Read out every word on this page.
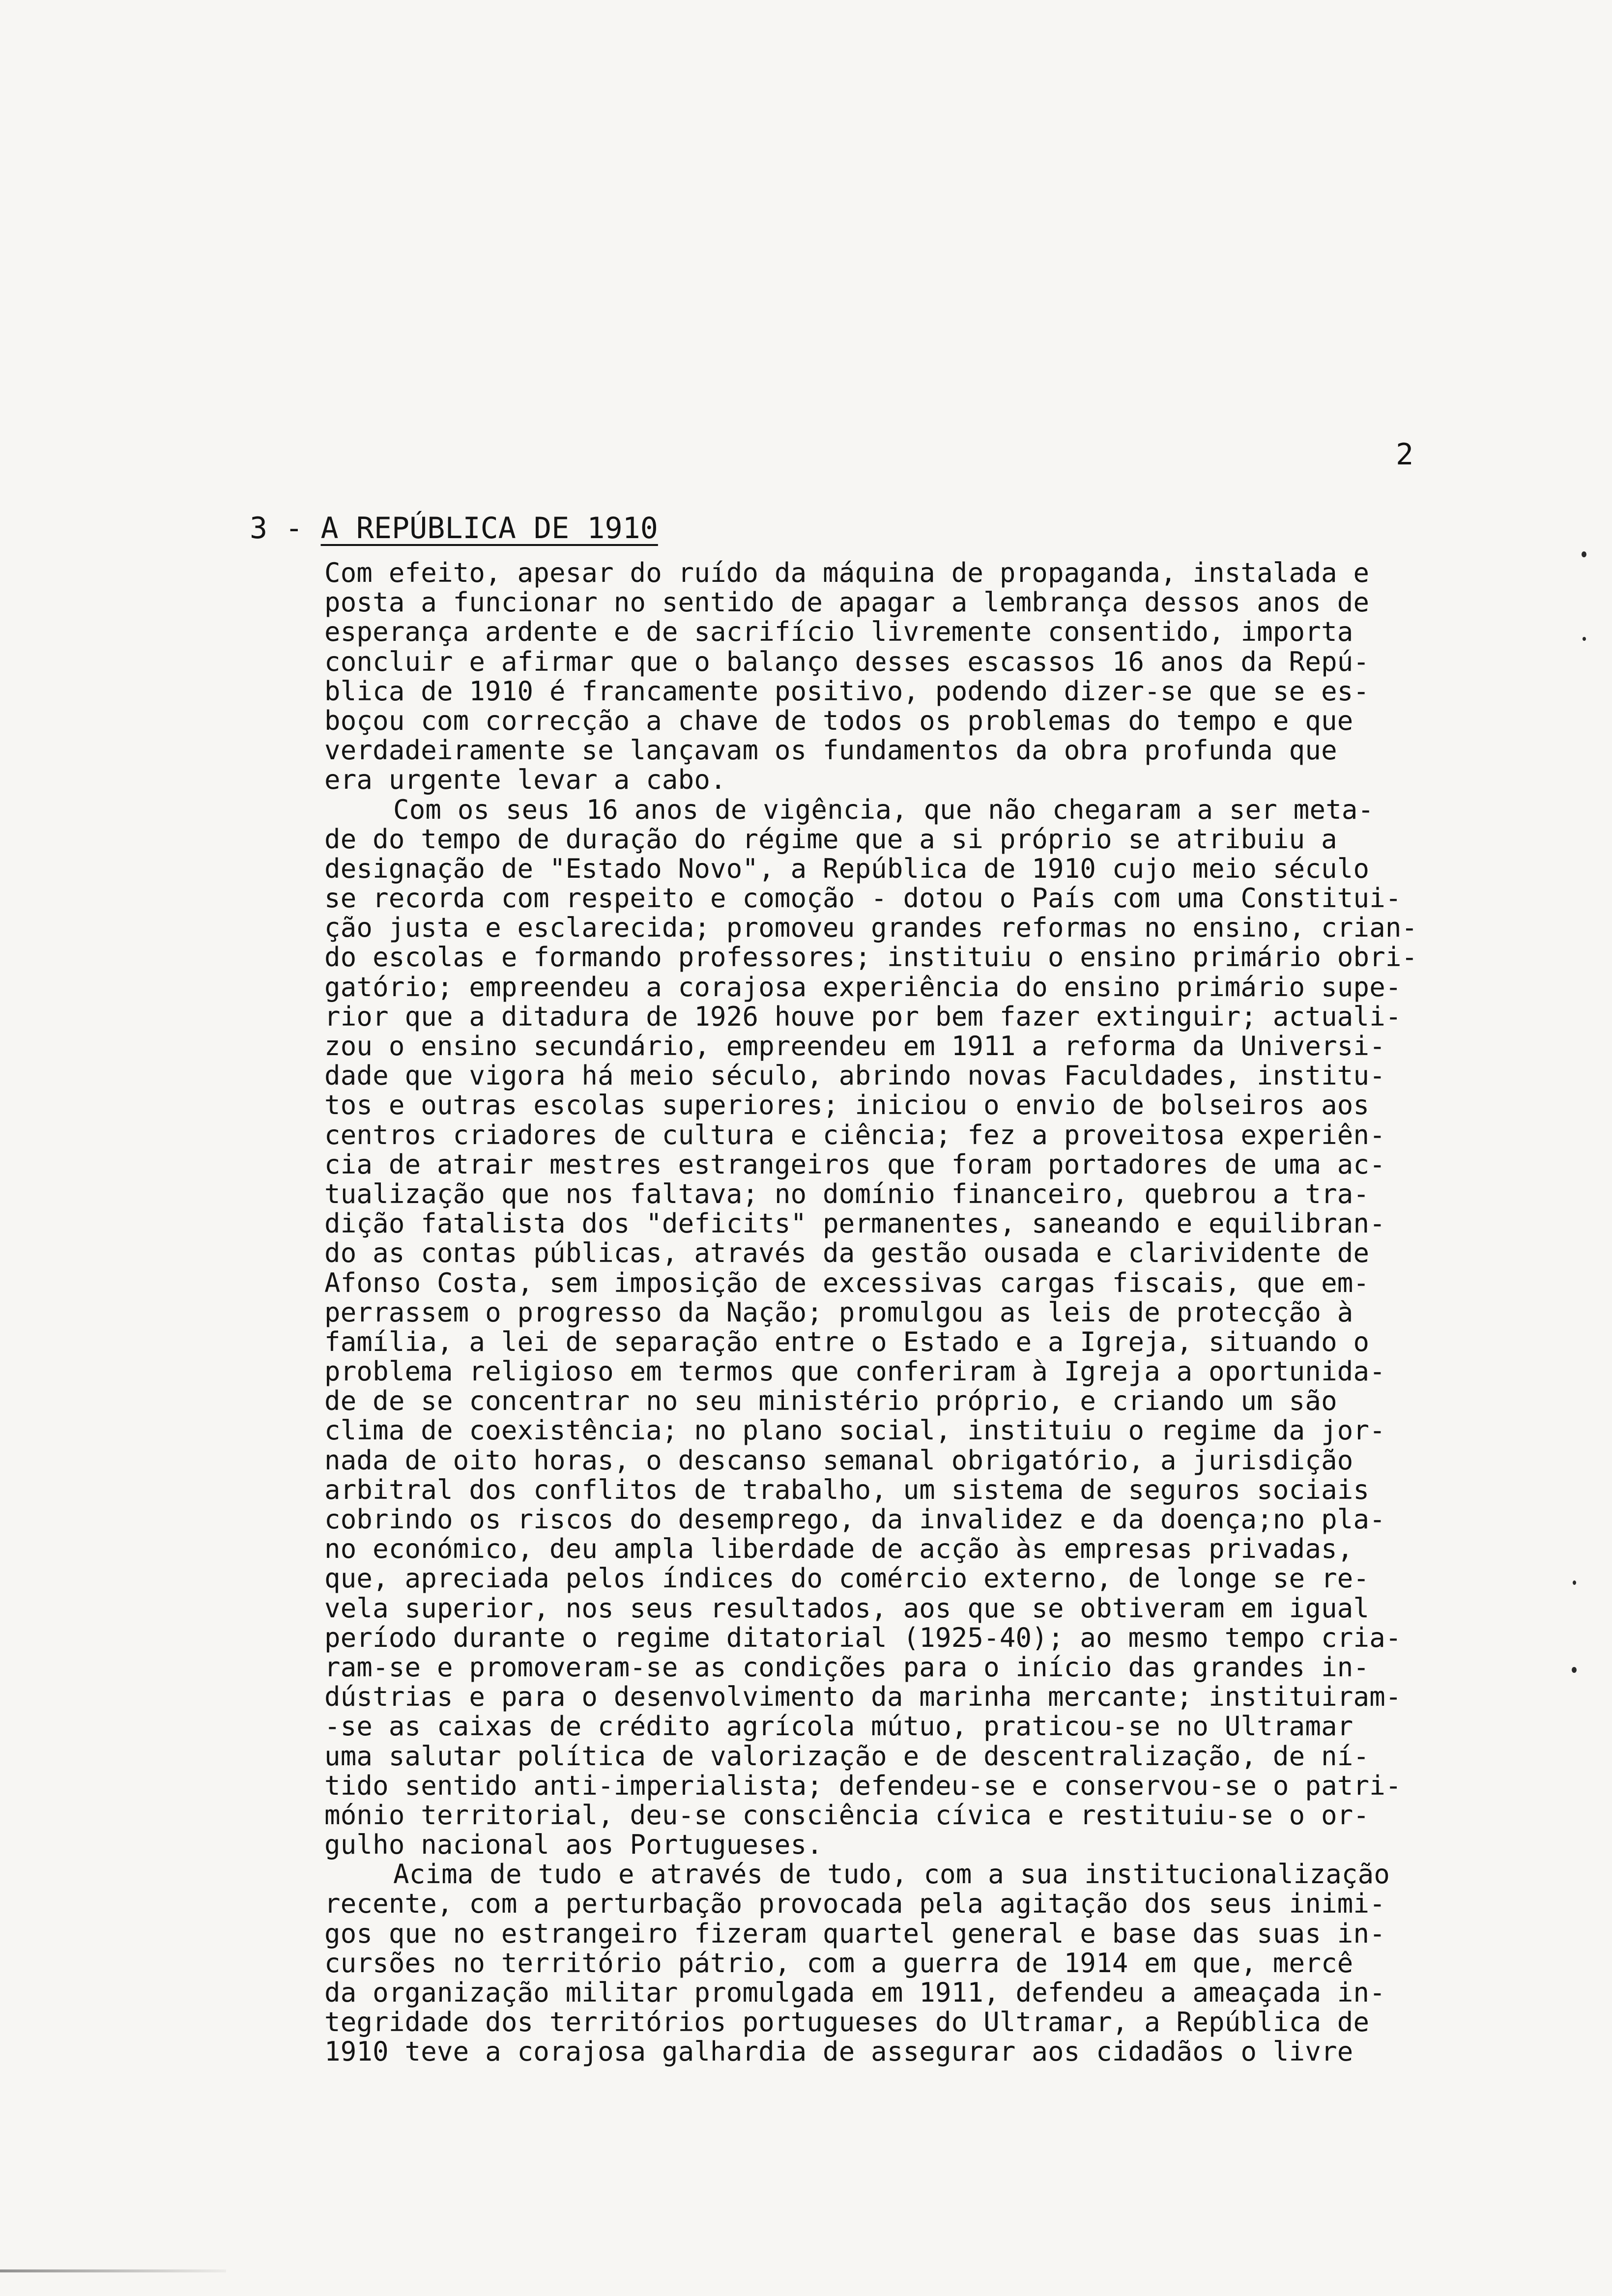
2
3 - A REPÚBLICA DE 1910
Com efeito, apesar do ruído da máquina de propaganda, instalada e
posta a funcionar no sentido de apagar a lembrança dessos anos de
esperança ardente e de sacrifício livremente consentido, importa
concluir e afirmar que o balanço desses escassos 16 anos da Repú-
blica de 1910 é francamente positivo, podendo dizer-se que se es-
boçou com correcção a chave de todos os problemas do tempo e que
verdadeiramente se lançavam os fundamentos da obra profunda que
era urgente levar a cabo.
Com os seus 16 anos de vigência, que não chegaram a ser meta-
de do tempo de duração do régime que a si próprio se atribuiu a
designação de "Estado Novo", a República de 1910 cujo meio século
se recorda com respeito e comoção - dotou o País com uma Constitui-
ção justa e esclarecida; promoveu grandes reformas no ensino, crian-
do escolas e formando professores; instituiu o ensino primário obri-
gatório; empreendeu a corajosa experiência do ensino primário supe-
rior que a ditadura de 1926 houve por bem fazer extinguir; actuali-
zou o ensino secundário, empreendeu em 1911 a reforma da Universi-
dade que vigora há meio século, abrindo novas Faculdades, institu-
tos e outras escolas superiores; iniciou o envio de bolseiros aos
centros criadores de cultura e ciência; fez a proveitosa experiên-
cia de atrair mestres estrangeiros que foram portadores de uma ac-
tualização que nos faltava; no domínio financeiro, quebrou a tra-
dição fatalista dos "deficits" permanentes, saneando e equilibran-
do as contas públicas, através da gestão ousada e clarividente de
Afonso Costa, sem imposição de excessivas cargas fiscais, que em-
perrassem o progresso da Nação; promulgou as leis de protecção à
família, a lei de separação entre o Estado e a Igreja, situando o
problema religioso em termos que conferiram à Igreja a oportunida-
de de se concentrar no seu ministério próprio, e criando um são
clima de coexistência; no plano social, instituiu o regime da jor-
nada de oito horas, o descanso semanal obrigatório, a jurisdição
arbitral dos conflitos de trabalho, um sistema de seguros sociais
cobrindo os riscos do desemprego, da invalidez e da doença;no pla-
no económico, deu ampla liberdade de acção às empresas privadas,
que, apreciada pelos índices do comércio externo, de longe se re-
vela superior, nos seus resultados, aos que se obtiveram em igual
período durante o regime ditatorial (1925-40); ao mesmo tempo cria-
ram-se e promoveram-se as condições para o início das grandes in-
dústrias e para o desenvolvimento da marinha mercante; instituiram-
-se as caixas de crédito agrícola mútuo, praticou-se no Ultramar
uma salutar política de valorização e de descentralização, de ní-
tido sentido anti-imperialista; defendeu-se e conservou-se o patri-
mónio territorial, deu-se consciência cívica e restituiu-se o or-
gulho nacional aos Portugueses.
Acima de tudo e através de tudo, com a sua institucionalização
recente, com a perturbação provocada pela agitação dos seus inimi-
gos que no estrangeiro fizeram quartel general e base das suas in-
cursões no território pátrio, com a guerra de 1914 em que, mercê
da organização militar promulgada em 1911, defendeu a ameaçada in-
tegridade dos territórios portugueses do Ultramar, a República de
1910 teve a corajosa galhardia de assegurar aos cidadãos o livre
